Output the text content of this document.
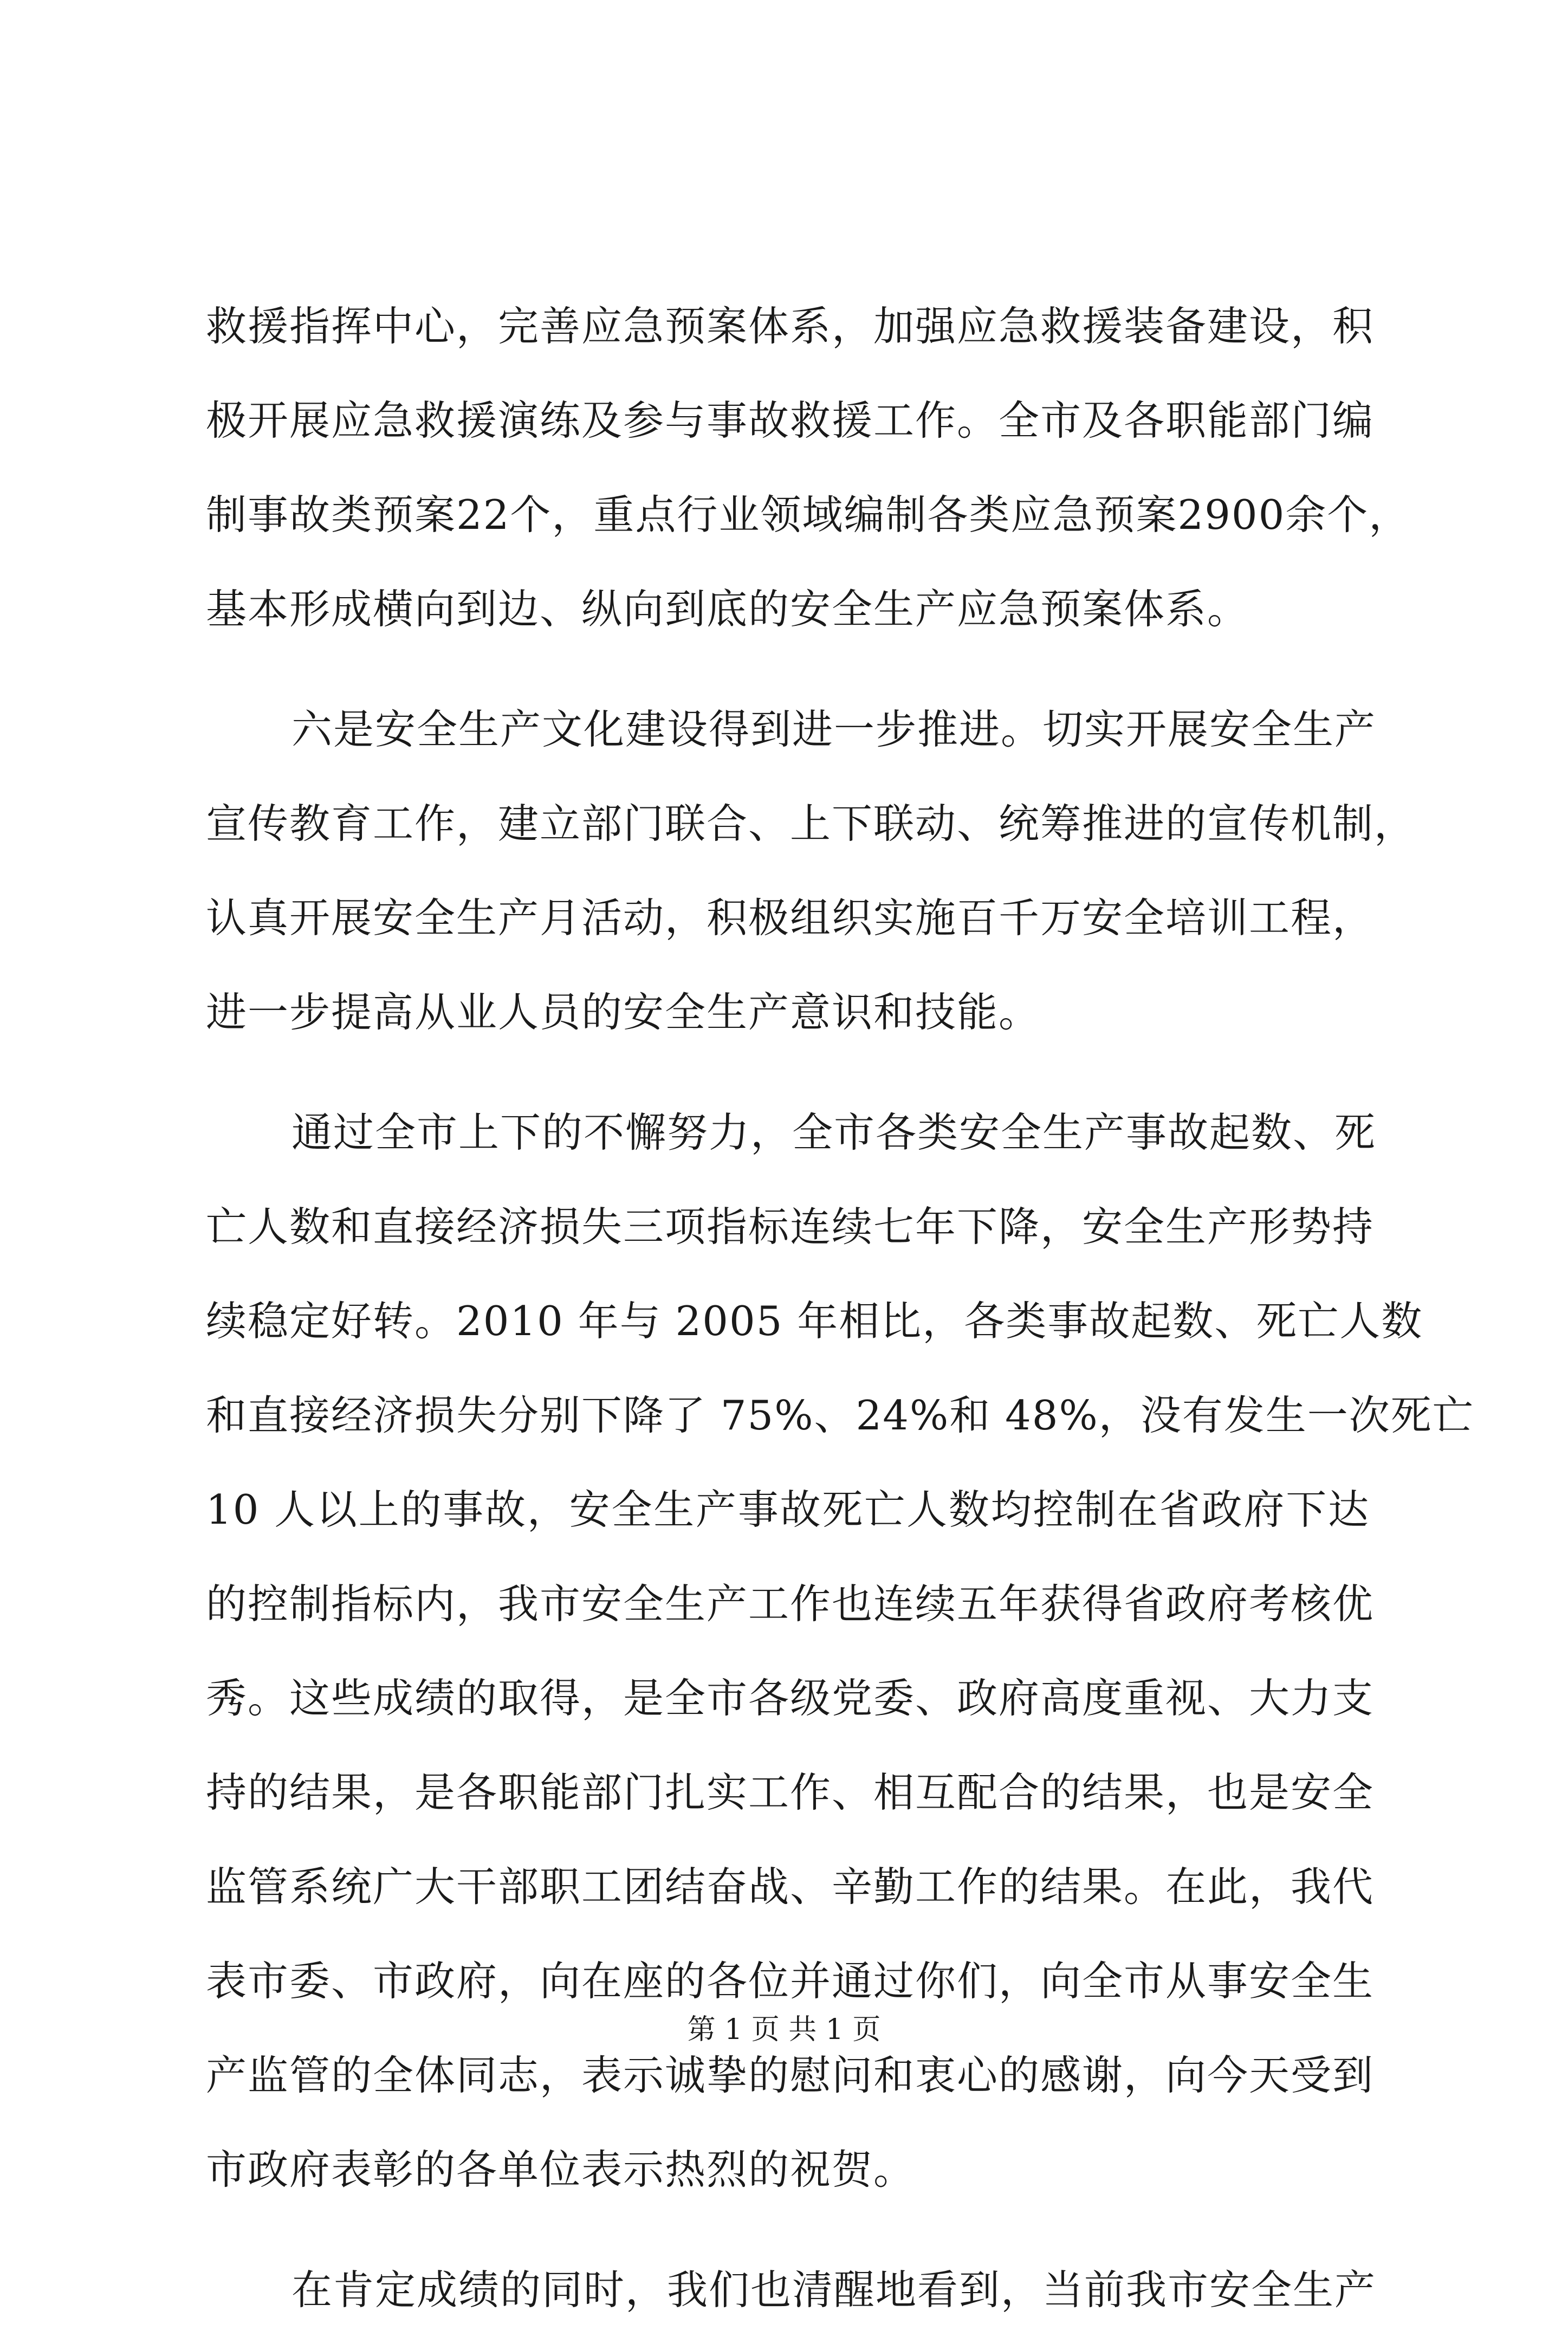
救援指挥中心，完善应急预案体系，加强应急救援装备建设，积
极开展应急救援演练及参与事故救援工作。全市及各职能部门编
制事故类预案22个，重点行业领域编制各类应急预案2900余个，
基本形成横向到边、纵向到底的安全生产应急预案体系。
六是安全生产文化建设得到进一步推进。切实开展安全生产
宣传教育工作，建立部门联合、上下联动、统筹推进的宣传机制，
认真开展安全生产月活动，积极组织实施百千万安全培训工程，
进一步提高从业人员的安全生产意识和技能。
通过全市上下的不懈努力，全市各类安全生产事故起数、死
亡人数和直接经济损失三项指标连续七年下降，安全生产形势持
续稳定好转。2010 年与 2005 年相比，各类事故起数、死亡人数
和直接经济损失分别下降了 75%、24%和 48%，没有发生一次死亡
10 人以上的事故，安全生产事故死亡人数均控制在省政府下达
的控制指标内，我市安全生产工作也连续五年获得省政府考核优
秀。这些成绩的取得，是全市各级党委、政府高度重视、大力支
持的结果，是各职能部门扎实工作、相互配合的结果，也是安全
监管系统广大干部职工团结奋战、辛勤工作的结果。在此，我代
表市委、市政府，向在座的各位并通过你们，向全市从事安全生
产监管的全体同志，表示诚挚的慰问和衷心的感谢，向今天受到
市政府表彰的各单位表示热烈的祝贺。
在肯定成绩的同时，我们也清醒地看到，当前我市安全生产
第 1 页 共 1 页
